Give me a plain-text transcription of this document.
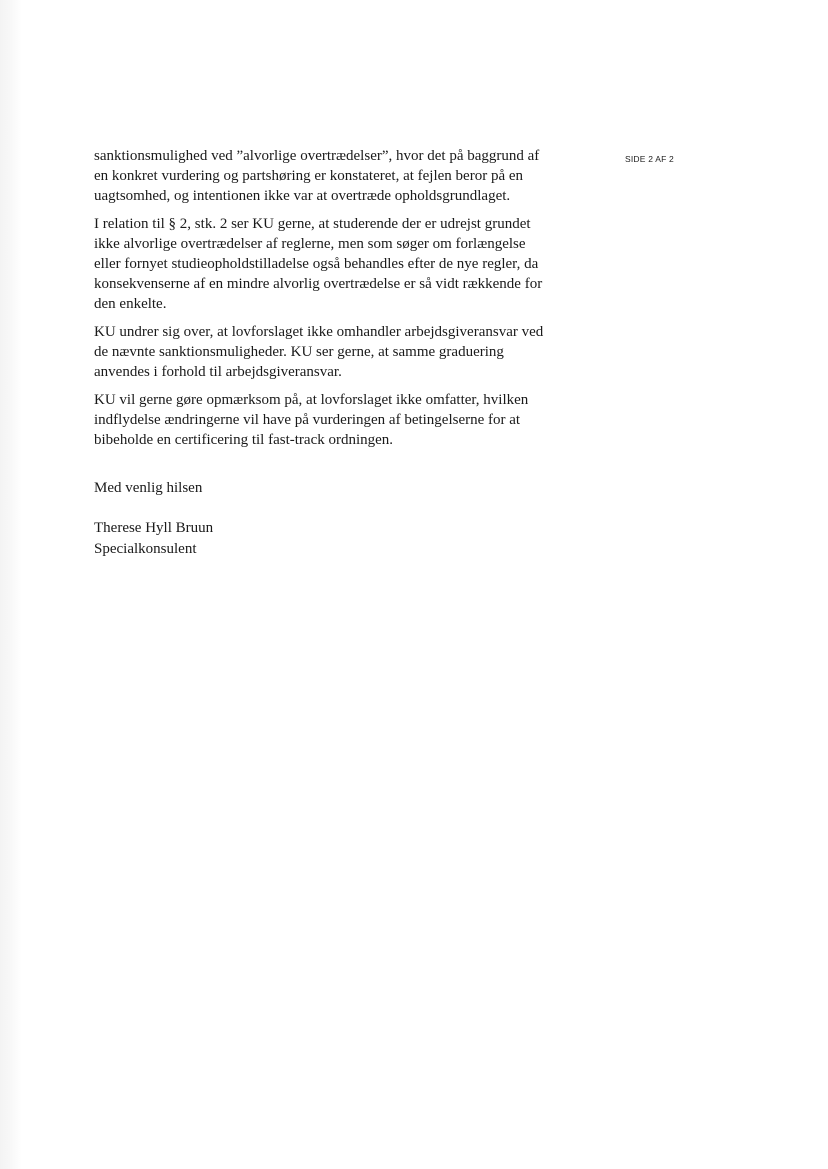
SIDE 2 AF 2

sanktionsmulighed ved ”alvorlige overtrædelser”, hvor det på baggrund af
en konkret vurdering og partshøring er konstateret, at fejlen beror på en
uagtsomhed, og intentionen ikke var at overtræde opholdsgrundlaget.

I relation til § 2, stk. 2 ser KU gerne, at studerende der er udrejst grundet
ikke alvorlige overtrædelser af reglerne, men som søger om forlængelse
eller fornyet studieopholdstilladelse også behandles efter de nye regler, da
konsekvenserne af en mindre alvorlig overtrædelse er så vidt rækkende for
den enkelte.

KU undrer sig over, at lovforslaget ikke omhandler arbejdsgiveransvar ved
de nævnte sanktionsmuligheder. KU ser gerne, at samme graduering
anvendes i forhold til arbejdsgiveransvar.

KU vil gerne gøre opmærksom på, at lovforslaget ikke omfatter, hvilken
indflydelse ændringerne vil have på vurderingen af betingelserne for at
bibeholde en certificering til fast-track ordningen.

Med venlig hilsen
Therese Hyll Bruun
Specialkonsulent
